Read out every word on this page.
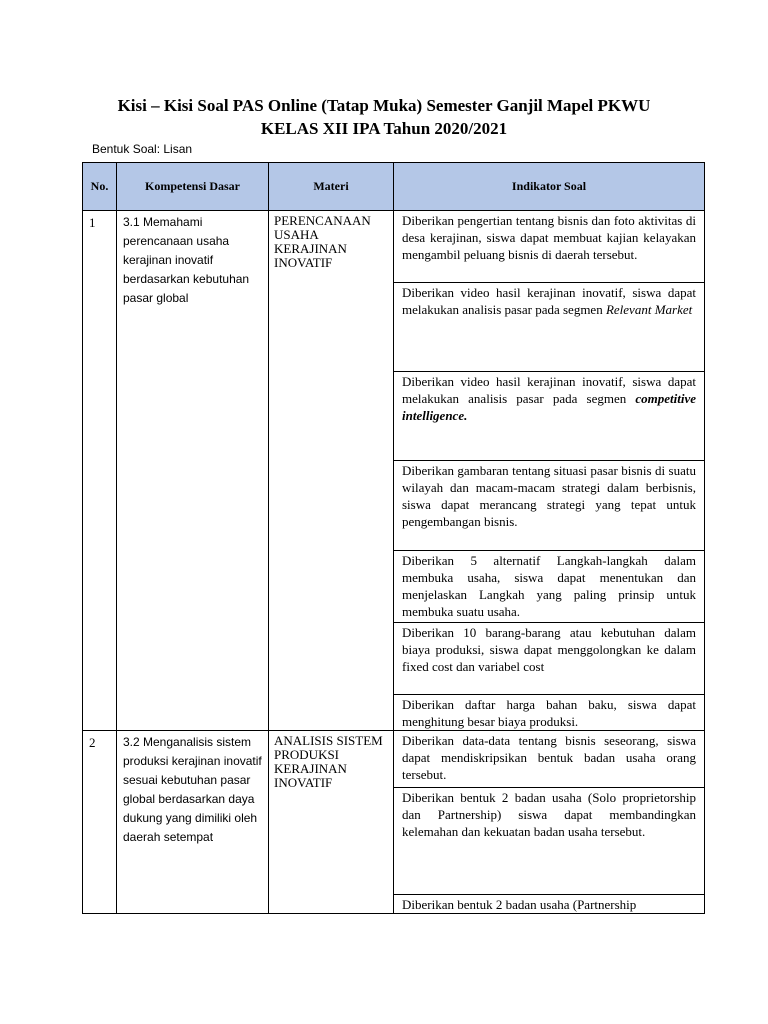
Kisi – Kisi Soal PAS Online (Tatap Muka) Semester Ganjil Mapel PKWU
KELAS XII IPA Tahun 2020/2021
Bentuk Soal: Lisan
No.	Kompetensi Dasar	Materi	Indikator Soal
1	3.1 Memahami perencanaan usaha kerajinan inovatif berdasarkan kebutuhan pasar global	PERENCANAAN USAHA KERAJINAN INOVATIF	Diberikan pengertian tentang bisnis dan foto aktivitas di desa kerajinan, siswa dapat membuat kajian kelayakan mengambil peluang bisnis di daerah tersebut.
			Diberikan video hasil kerajinan inovatif, siswa dapat melakukan analisis pasar pada segmen Relevant Market
			Diberikan video hasil kerajinan inovatif, siswa dapat melakukan analisis pasar pada segmen competitive intelligence.
			Diberikan gambaran tentang situasi pasar bisnis di suatu wilayah dan macam-macam strategi dalam berbisnis, siswa dapat merancang strategi yang tepat untuk pengembangan bisnis.
			Diberikan 5 alternatif Langkah-langkah dalam membuka usaha, siswa dapat menentukan dan menjelaskan Langkah yang paling prinsip untuk membuka suatu usaha.
			Diberikan 10 barang-barang atau kebutuhan dalam biaya produksi, siswa dapat menggolongkan ke dalam fixed cost dan variabel cost
			Diberikan daftar harga bahan baku, siswa dapat menghitung besar biaya produksi.
2	3.2 Menganalisis sistem produksi kerajinan inovatif sesuai kebutuhan pasar global berdasarkan daya dukung yang dimiliki oleh daerah setempat	ANALISIS SISTEM PRODUKSI KERAJINAN INOVATIF	Diberikan data-data tentang bisnis seseorang, siswa dapat mendiskripsikan bentuk badan usaha orang tersebut.
			Diberikan bentuk 2 badan usaha (Solo proprietorship dan Partnership) siswa dapat membandingkan kelemahan dan kekuatan badan usaha tersebut.
			Diberikan bentuk 2 badan usaha (Partnership
